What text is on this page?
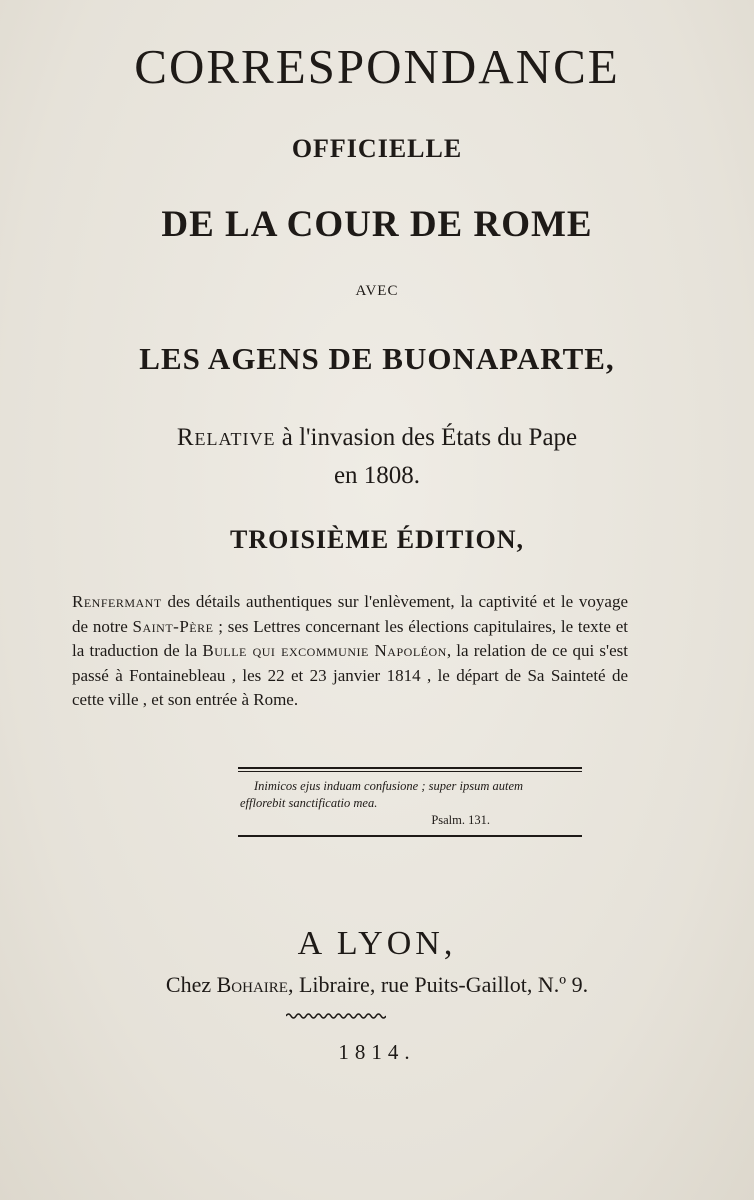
CORRESPONDANCE
OFFICIELLE
DE LA COUR DE ROME
AVEC
LES AGENS DE BUONAPARTE,
Relative à l'invasion des États du Pape
en 1808.
TROISIÈME ÉDITION,
Renfermant des détails authentiques sur l'enlèvement, la captivité et le voyage de notre Saint-Père ; ses Lettres concernant les élections capitulaires, le texte et la traduction de la Bulle qui excommunie Napoléon, la relation de ce qui s'est passé à Fontainebleau , les 22 et 23 janvier 1814 , le départ de Sa Sainteté de cette ville , et son entrée à Rome.
Inimicos ejus induam confusione ; super ipsum autem
efflorebit sanctificatio mea.
Psalm. 131.
A LYON,
Chez Bohaire, Libraire, rue Puits-Gaillot, N.º 9.
1814.
